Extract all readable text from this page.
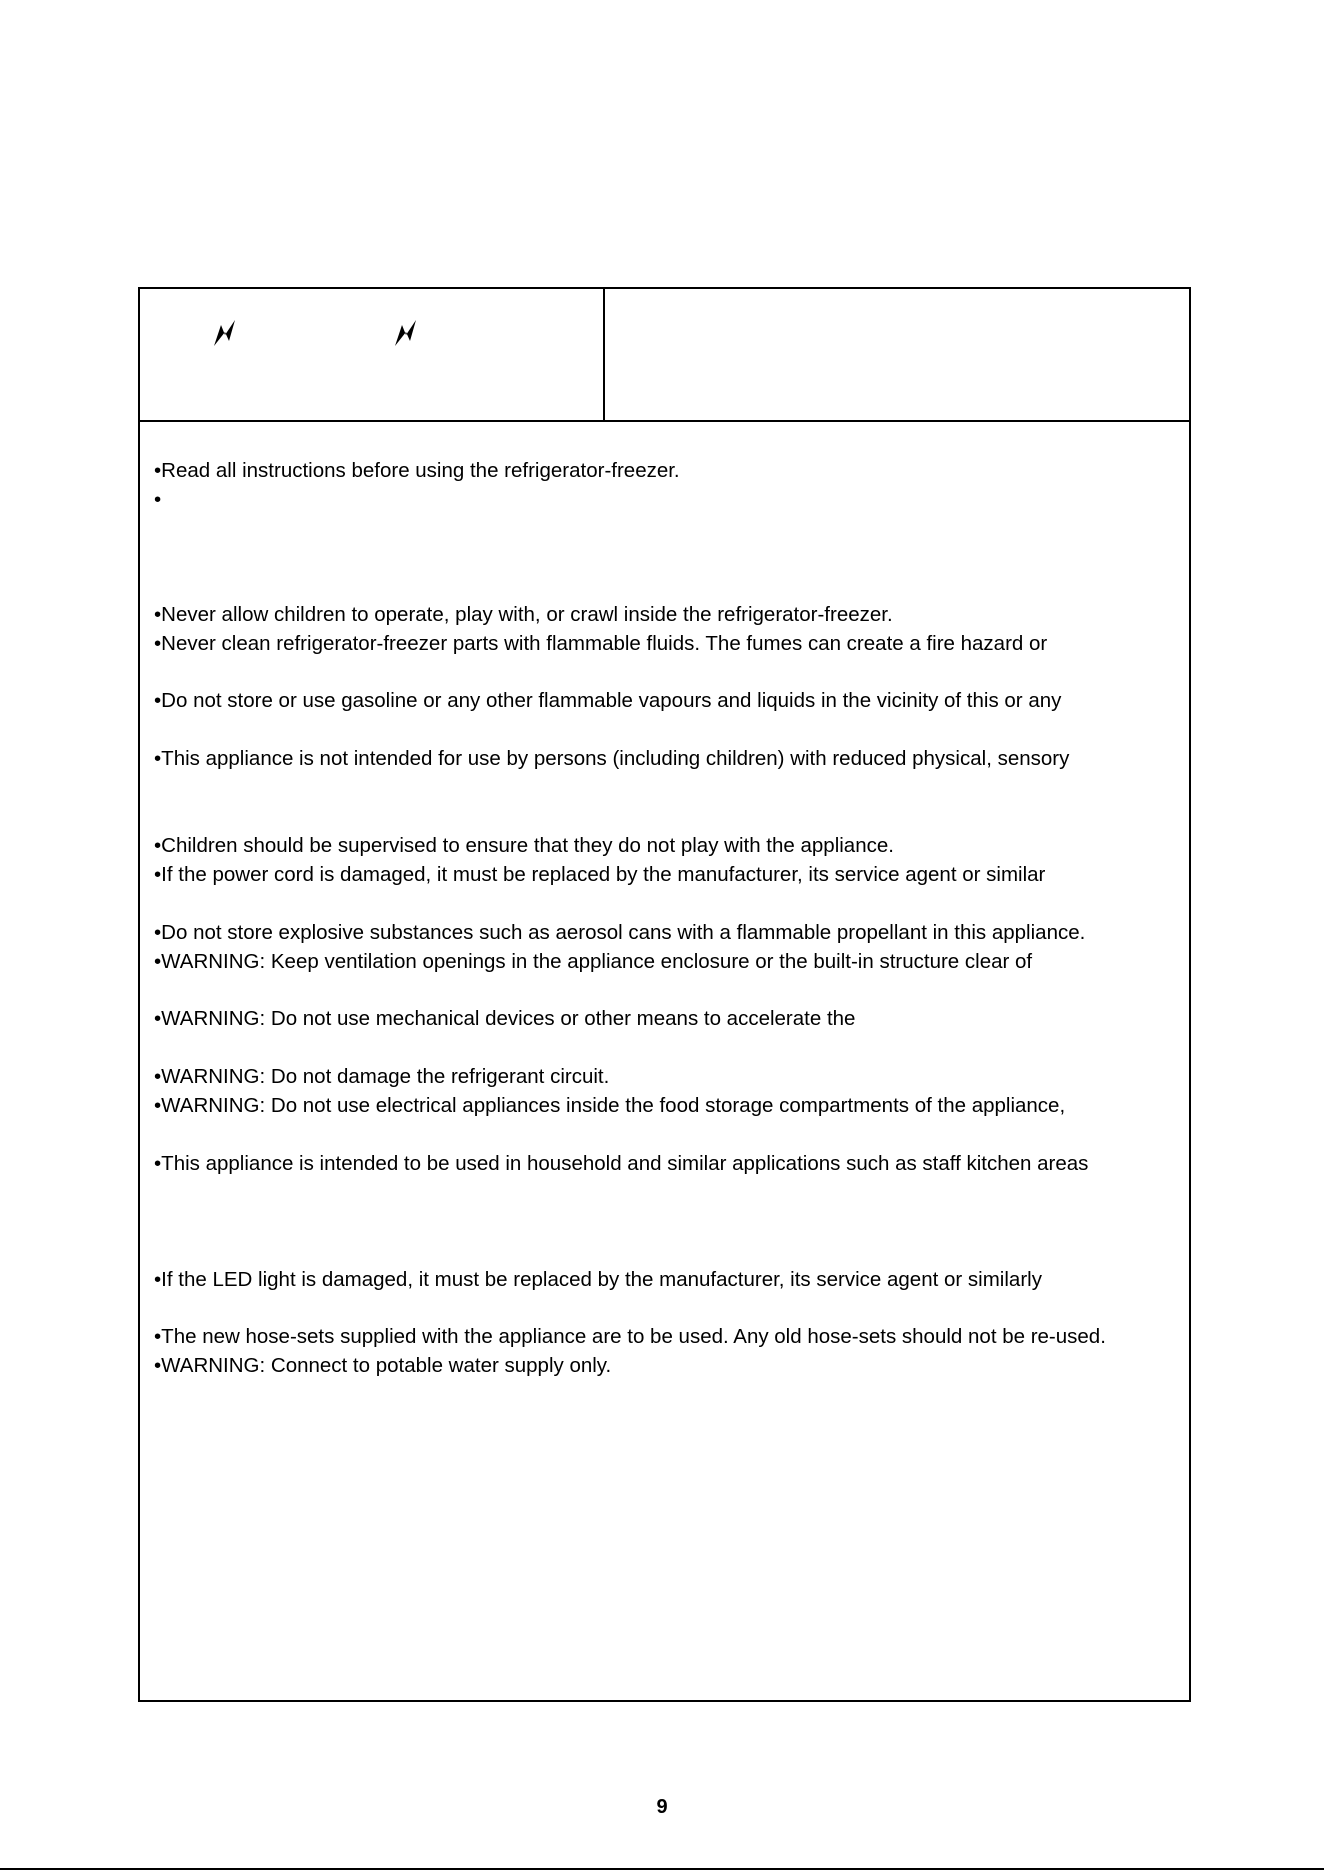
•Read all instructions before using the refrigerator-freezer.
•
•Never allow children to operate, play with, or crawl inside the refrigerator-freezer.
•Never clean refrigerator-freezer parts with flammable fluids. The fumes can create a fire hazard or
•Do not store or use gasoline or any other flammable vapours and liquids in the vicinity of this or any
•This appliance is not intended for use by persons (including children) with reduced physical, sensory
•Children should be supervised to ensure that they do not play with the appliance.
•If the power cord is damaged, it must be replaced by the manufacturer, its service agent or similar
•Do not store explosive substances such as aerosol cans with a flammable propellant in this appliance.
•WARNING: Keep ventilation openings in the appliance enclosure or the built-in structure clear of
•WARNING: Do not use mechanical devices or other means to accelerate the
•WARNING: Do not damage the refrigerant circuit.
•WARNING: Do not use electrical appliances inside the food storage compartments of the appliance,
•This appliance is intended to be used in household and similar applications such as staff kitchen areas
•If the LED light is damaged, it must be replaced by the manufacturer, its service agent or similarly
•The new hose-sets supplied with the appliance are to be used. Any old hose-sets should not be re-used.
•WARNING: Connect to potable water supply only.
9
